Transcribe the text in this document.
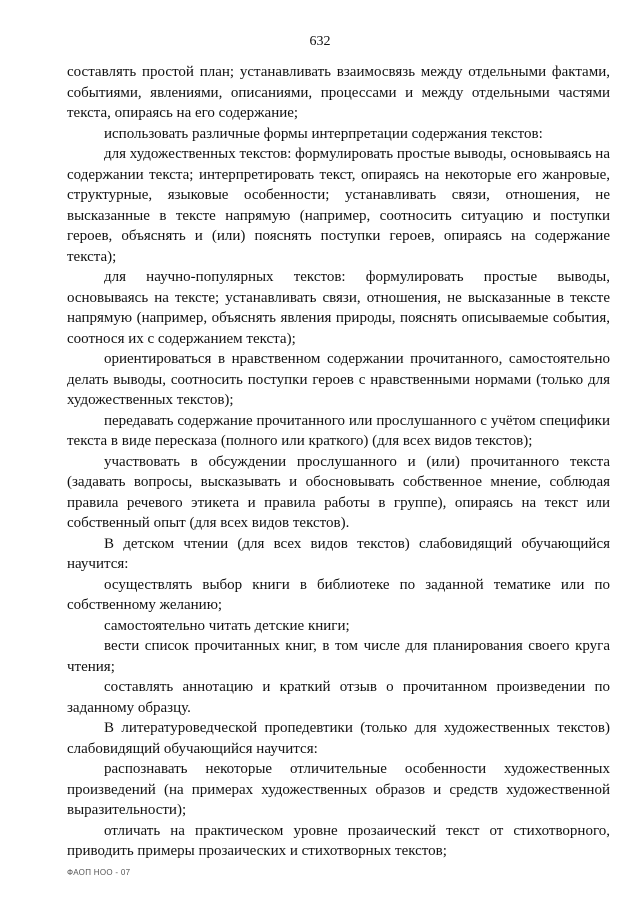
632

составлять простой план; устанавливать взаимосвязь между отдельными фактами, событиями, явлениями, описаниями, процессами и между отдельными частями текста, опираясь на его содержание;

использовать различные формы интерпретации содержания текстов:

для художественных текстов: формулировать простые выводы, основываясь на содержании текста; интерпретировать текст, опираясь на некоторые его жанровые, структурные, языковые особенности; устанавливать связи, отношения, не высказанные в тексте напрямую (например, соотносить ситуацию и поступки героев, объяснять и (или) пояснять поступки героев, опираясь на содержание текста);

для научно-популярных текстов: формулировать простые выводы, основываясь на тексте; устанавливать связи, отношения, не высказанные в тексте напрямую (например, объяснять явления природы, пояснять описываемые события, соотнося их с содержанием текста);

ориентироваться в нравственном содержании прочитанного, самостоятельно делать выводы, соотносить поступки героев с нравственными нормами (только для художественных текстов);

передавать содержание прочитанного или прослушанного с учётом специфики текста в виде пересказа (полного или краткого) (для всех видов текстов);

участвовать в обсуждении прослушанного и (или) прочитанного текста (задавать вопросы, высказывать и обосновывать собственное мнение, соблюдая правила речевого этикета и правила работы в группе), опираясь на текст или собственный опыт (для всех видов текстов).

В детском чтении (для всех видов текстов) слабовидящий обучающийся научится:

осуществлять выбор книги в библиотеке по заданной тематике или по собственному желанию;

самостоятельно читать детские книги;

вести список прочитанных книг, в том числе для планирования своего круга чтения;

составлять аннотацию и краткий отзыв о прочитанном произведении по заданному образцу.

В литературоведческой пропедевтики (только для художественных текстов) слабовидящий обучающийся научится:

распознавать некоторые отличительные особенности художественных произведений (на примерах художественных образов и средств художественной выразительности);

отличать на практическом уровне прозаический текст от стихотворного, приводить примеры прозаических и стихотворных текстов;

ФАОП НОО - 07
